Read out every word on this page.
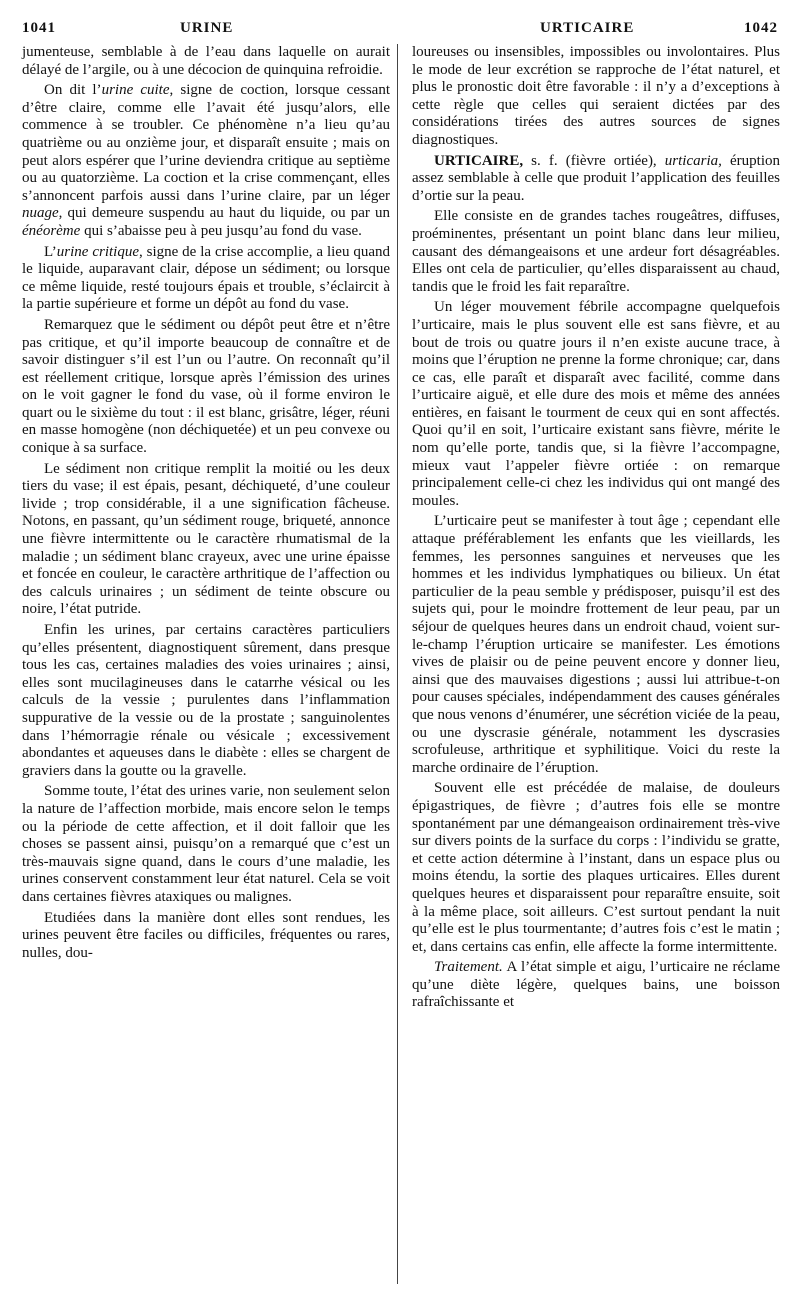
1041	URINE	URTICAIRE	1042

jumenteuse, semblable à de l’eau dans laquelle on aurait délayé de l’argile, ou à une décocion de quinquina refroidie.

On dit l’urine cuite, signe de coction, lorsque cessant d’être claire, comme elle l’avait été jusqu’alors, elle commence à se troubler. Ce phénomène n’a lieu qu’au quatrième ou au onzième jour, et disparaît ensuite ; mais on peut alors espérer que l’urine deviendra critique au septième ou au quatorzième. La coction et la crise commençant, elles s’annoncent parfois aussi dans l’urine claire, par un léger nuage, qui demeure suspendu au haut du liquide, ou par un énéorème qui s’abaisse peu à peu jusqu’au fond du vase.

L’urine critique, signe de la crise accomplie, a lieu quand le liquide, auparavant clair, dépose un sédiment; ou lorsque ce même liquide, resté toujours épais et trouble, s’éclaircit à la partie supérieure et forme un dépôt au fond du vase.

Remarquez que le sédiment ou dépôt peut être et n’être pas critique, et qu’il importe beaucoup de connaître et de savoir distinguer s’il est l’un ou l’autre. On reconnaît qu’il est réellement critique, lorsque après l’émission des urines on le voit gagner le fond du vase, où il forme environ le quart ou le sixième du tout : il est blanc, grisâtre, léger, réuni en masse homogène (non déchiquetée) et un peu convexe ou conique à sa surface.

Le sédiment non critique remplit la moitié ou les deux tiers du vase; il est épais, pesant, déchiqueté, d’une couleur livide ; trop considérable, il a une signification fâcheuse. Notons, en passant, qu’un sédiment rouge, briqueté, annonce une fièvre intermittente ou le caractère rhumatismal de la maladie ; un sédiment blanc crayeux, avec une urine épaisse et foncée en couleur, le caractère arthritique de l’affection ou des calculs urinaires ; un sédiment de teinte obscure ou noire, l’état putride.

Enfin les urines, par certains caractères particuliers qu’elles présentent, diagnostiquent sûrement, dans presque tous les cas, certaines maladies des voies urinaires ; ainsi, elles sont mucilagineuses dans le catarrhe vésical ou les calculs de la vessie ; purulentes dans l’inflammation suppurative de la vessie ou de la prostate ; sanguinolentes dans l’hémorragie rénale ou vésicale ; excessivement abondantes et aqueuses dans le diabète : elles se chargent de graviers dans la goutte ou la gravelle.

Somme toute, l’état des urines varie, non seulement selon la nature de l’affection morbide, mais encore selon le temps ou la période de cette affection, et il doit falloir que les choses se passent ainsi, puisqu’on a remarqué que c’est un très-mauvais signe quand, dans le cours d’une maladie, les urines conservent constamment leur état naturel. Cela se voit dans certaines fièvres ataxiques ou malignes.

Etudiées dans la manière dont elles sont rendues, les urines peuvent être faciles ou difficiles, fréquentes ou rares, nulles, dou-

loureuses ou insensibles, impossibles ou involontaires. Plus le mode de leur excrétion se rapproche de l’état naturel, et plus le pronostic doit être favorable : il n’y a d’exceptions à cette règle que celles qui seraient dictées par des considérations tirées des autres sources de signes diagnostiques.

URTICAIRE, s. f. (fièvre ortiée), urticaria, éruption assez semblable à celle que produit l’application des feuilles d’ortie sur la peau.

Elle consiste en de grandes taches rougeâtres, diffuses, proéminentes, présentant un point blanc dans leur milieu, causant des démangeaisons et une ardeur fort désagréables. Elles ont cela de particulier, qu’elles disparaissent au chaud, tandis que le froid les fait reparaître.

Un léger mouvement fébrile accompagne quelquefois l’urticaire, mais le plus souvent elle est sans fièvre, et au bout de trois ou quatre jours il n’en existe aucune trace, à moins que l’éruption ne prenne la forme chronique; car, dans ce cas, elle paraît et disparaît avec facilité, comme dans l’urticaire aiguë, et elle dure des mois et même des années entières, en faisant le tourment de ceux qui en sont affectés. Quoi qu’il en soit, l’urticaire existant sans fièvre, mérite le nom qu’elle porte, tandis que, si la fièvre l’accompagne, mieux vaut l’appeler fièvre ortiée : on remarque principalement celle-ci chez les individus qui ont mangé des moules.

L’urticaire peut se manifester à tout âge ; cependant elle attaque préférablement les enfants que les vieillards, les femmes, les personnes sanguines et nerveuses que les hommes et les individus lymphatiques ou bilieux. Un état particulier de la peau semble y prédisposer, puisqu’il est des sujets qui, pour le moindre frottement de leur peau, par un séjour de quelques heures dans un endroit chaud, voient sur-le-champ l’éruption urticaire se manifester. Les émotions vives de plaisir ou de peine peuvent encore y donner lieu, ainsi que des mauvaises digestions ; aussi lui attribue-t-on pour causes spéciales, indépendamment des causes générales que nous venons d’énumérer, une sécrétion viciée de la peau, ou une dyscrasie générale, notamment les dyscrasies scrofuleuse, arthritique et syphilitique. Voici du reste la marche ordinaire de l’éruption.

Souvent elle est précédée de malaise, de douleurs épigastriques, de fièvre ; d’autres fois elle se montre spontanément par une démangeaison ordinairement très-vive sur divers points de la surface du corps : l’individu se gratte, et cette action détermine à l’instant, dans un espace plus ou moins étendu, la sortie des plaques urticaires. Elles durent quelques heures et disparaissent pour reparaître ensuite, soit à la même place, soit ailleurs. C’est surtout pendant la nuit qu’elle est le plus tourmentante; d’autres fois c’est le matin ; et, dans certains cas enfin, elle affecte la forme intermittente.

Traitement. A l’état simple et aigu, l’urticaire ne réclame qu’une diète légère, quelques bains, une boisson rafraîchissante et
